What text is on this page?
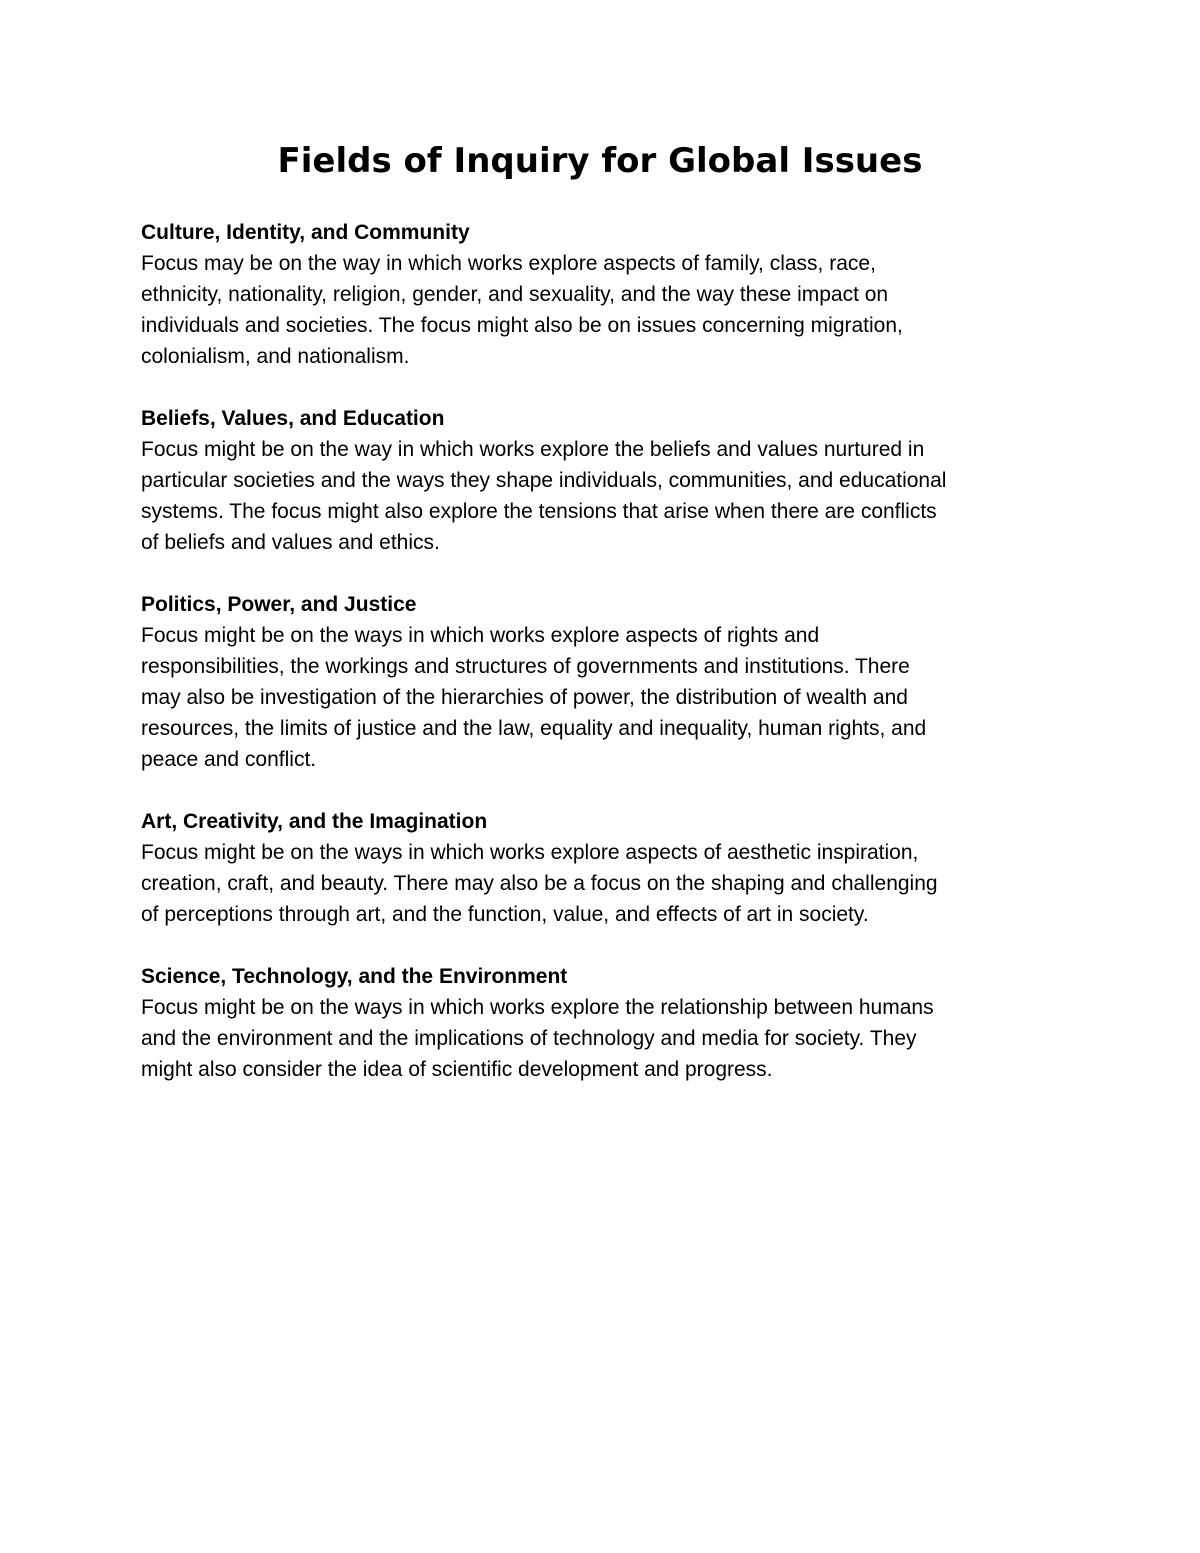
Fields of Inquiry for Global Issues

Culture, Identity, and Community

Focus may be on the way in which works explore aspects of family, class, race,
ethnicity, nationality, religion, gender, and sexuality, and the way these impact on
individuals and societies. The focus might also be on issues concerning migration,
colonialism, and nationalism.

Beliefs, Values, and Education

Focus might be on the way in which works explore the beliefs and values nurtured in
particular societies and the ways they shape individuals, communities, and educational
systems. The focus might also explore the tensions that arise when there are conflicts
of beliefs and values and ethics.

Politics, Power, and Justice

Focus might be on the ways in which works explore aspects of rights and
responsibilities, the workings and structures of governments and institutions. There
may also be investigation of the hierarchies of power, the distribution of wealth and
resources, the limits of justice and the law, equality and inequality, human rights, and
peace and conflict.

Art, Creativity, and the Imagination

Focus might be on the ways in which works explore aspects of aesthetic inspiration,
creation, craft, and beauty. There may also be a focus on the shaping and challenging
of perceptions through art, and the function, value, and effects of art in society.

Science, Technology, and the Environment

Focus might be on the ways in which works explore the relationship between humans
and the environment and the implications of technology and media for society. They
might also consider the idea of scientific development and progress.
